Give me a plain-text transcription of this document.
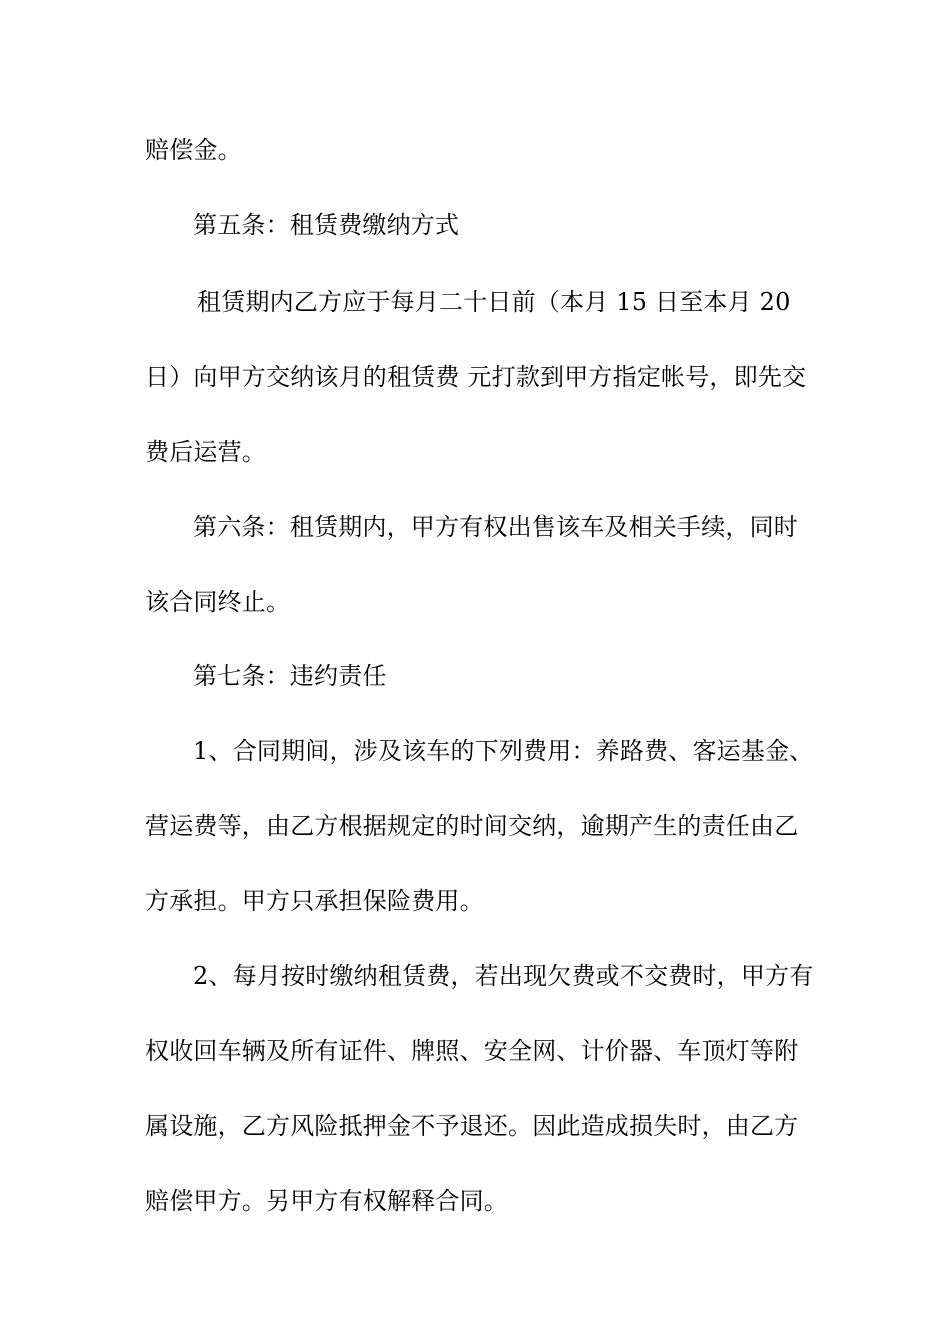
赔偿金。
第五条：租赁费缴纳方式
租赁期内乙方应于每月二十日前（本月 15 日至本月 20
日）向甲方交纳该月的租赁费 元打款到甲方指定帐号，即先交
费后运营。
第六条：租赁期内，甲方有权出售该车及相关手续，同时
该合同终止。
第七条：违约责任
1、合同期间，涉及该车的下列费用：养路费、客运基金、
营运费等，由乙方根据规定的时间交纳，逾期产生的责任由乙
方承担。甲方只承担保险费用。
2、每月按时缴纳租赁费，若出现欠费或不交费时，甲方有
权收回车辆及所有证件、牌照、安全网、计价器、车顶灯等附
属设施，乙方风险抵押金不予退还。因此造成损失时，由乙方
赔偿甲方。另甲方有权解释合同。
